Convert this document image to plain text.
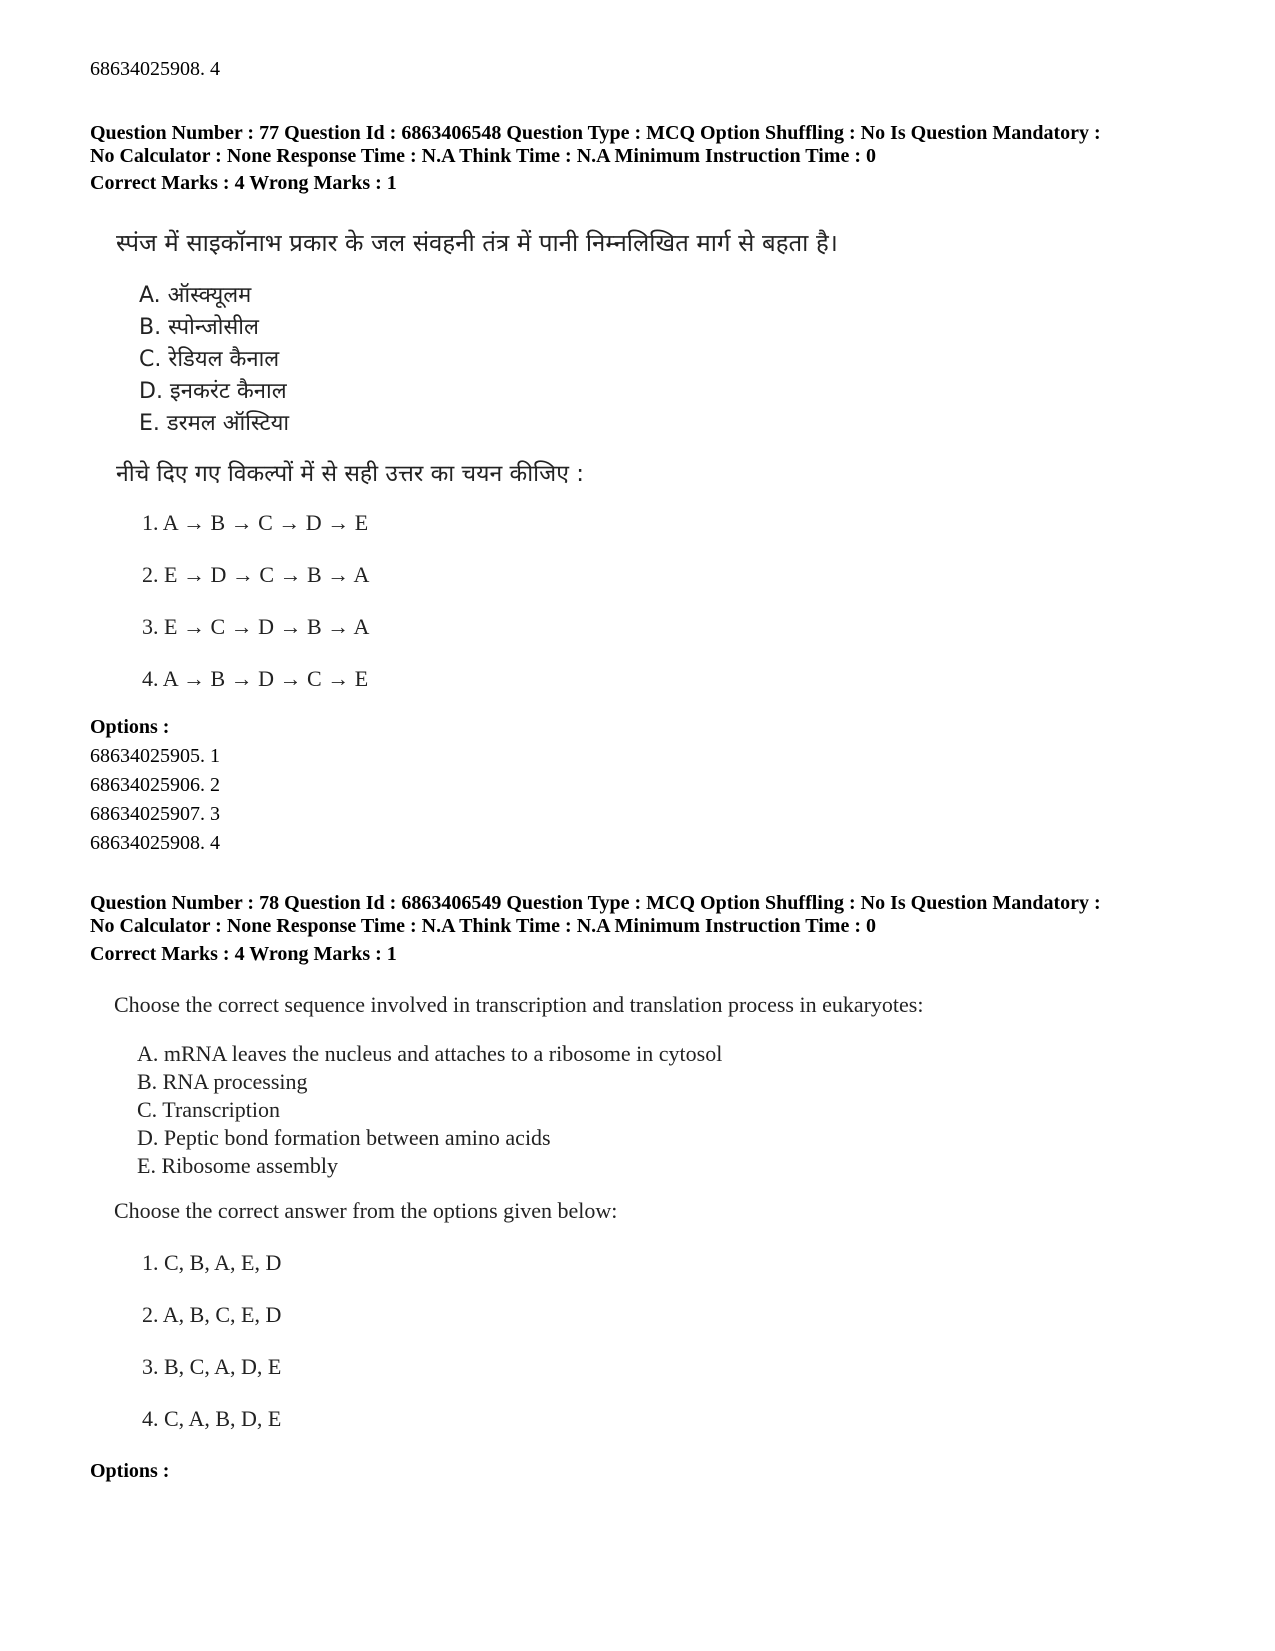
68634025908. 4
Question Number : 77 Question Id : 6863406548 Question Type : MCQ Option Shuffling : No Is Question Mandatory :
No Calculator : None Response Time : N.A Think Time : N.A Minimum Instruction Time : 0
Correct Marks : 4 Wrong Marks : 1
स्पंज में साइकॉनाभ प्रकार के जल संवहनी तंत्र में पानी निम्नलिखित मार्ग से बहता है।
A. ऑस्क्यूलम
B. स्पोन्जोसील
C. रेडियल कैनाल
D. इनकरंट कैनाल
E. डरमल ऑस्टिया
नीचे दिए गए विकल्पों में से सही उत्तर का चयन कीजिए :
1. A → B → C → D → E
2. E → D → C → B → A
3. E → C → D → B → A
4. A → B → D → C → E
Options :
68634025905. 1
68634025906. 2
68634025907. 3
68634025908. 4
Question Number : 78 Question Id : 6863406549 Question Type : MCQ Option Shuffling : No Is Question Mandatory :
No Calculator : None Response Time : N.A Think Time : N.A Minimum Instruction Time : 0
Correct Marks : 4 Wrong Marks : 1
Choose the correct sequence involved in transcription and translation process in eukaryotes:
A. mRNA leaves the nucleus and attaches to a ribosome in cytosol
B. RNA processing
C. Transcription
D. Peptic bond formation between amino acids
E. Ribosome assembly
Choose the correct answer from the options given below:
1. C, B, A, E, D
2. A, B, C, E, D
3. B, C, A, D, E
4. C, A, B, D, E
Options :
